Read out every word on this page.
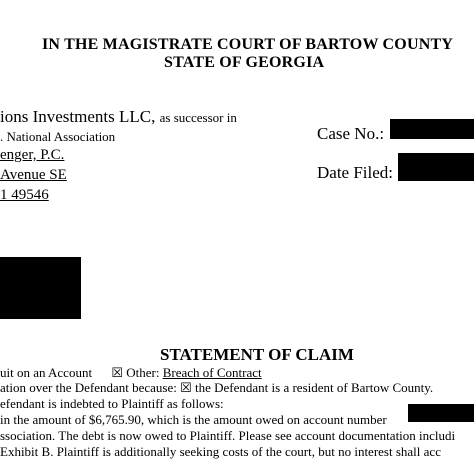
IN THE MAGISTRATE COURT OF BARTOW COUNTY
STATE OF GEORGIA
ions Investments LLC, as successor in
. National Association
enger, P.C.
Avenue SE
1 49546
Case No.:
Date Filed:
STATEMENT OF CLAIM
uit on an Account ☒ Other: Breach of Contract
ation over the Defendant because: ☒ the Defendant is a resident of Bartow County.
efendant is indebted to Plaintiff as follows:
in the amount of $6,765.90, which is the amount owed on account number
ssociation. The debt is now owed to Plaintiff. Please see account documentation includi
Exhibit B. Plaintiff is additionally seeking costs of the court, but no interest shall acc
